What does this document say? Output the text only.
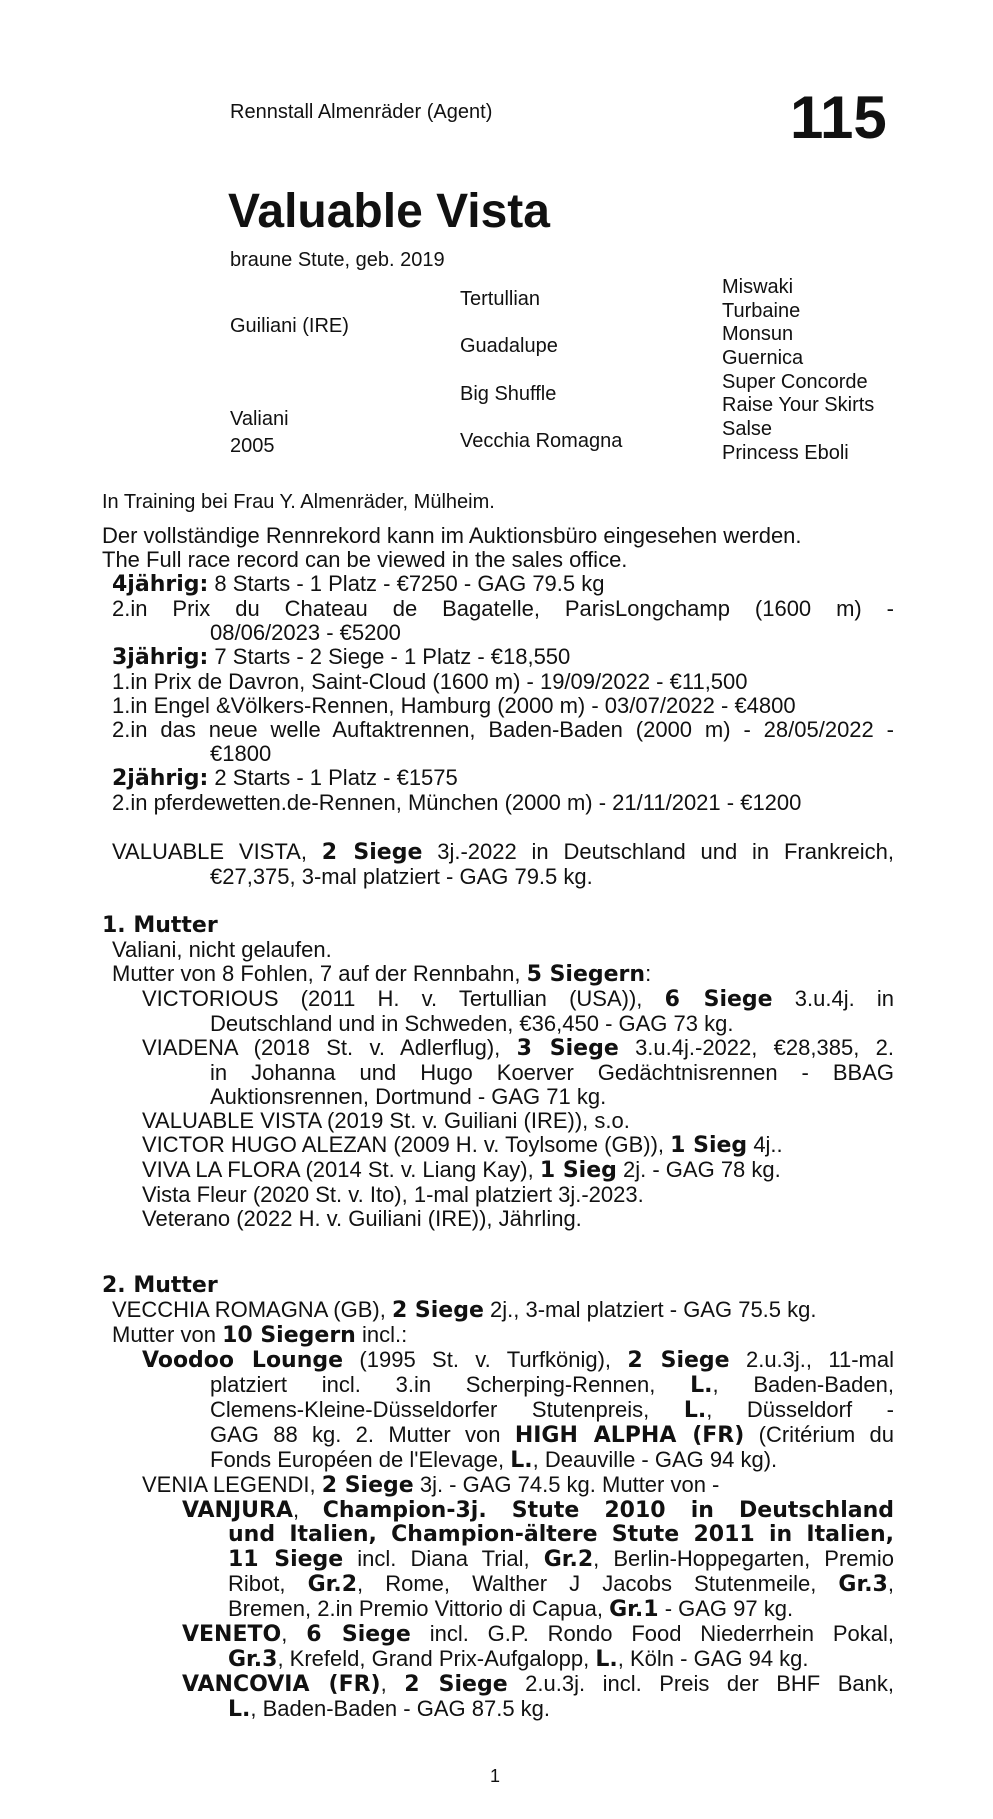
Rennstall Almenräder (Agent)	115
Valuable Vista
braune Stute, geb. 2019
Guiliani (IRE)
Valiani
2005
Tertullian
Guadalupe
Big Shuffle
Vecchia Romagna
Miswaki
Turbaine
Monsun
Guernica
Super Concorde
Raise Your Skirts
Salse
Princess Eboli
In Training bei Frau Y. Almenräder, Mülheim.
Der vollständige Rennrekord kann im Auktionsbüro eingesehen werden.
The Full race record can be viewed in the sales office.
4jährig: 8 Starts - 1 Platz - €7250 - GAG 79.5 kg
2.in Prix du Chateau de Bagatelle, ParisLongchamp (1600 m) -
08/06/2023 - €5200
3jährig: 7 Starts - 2 Siege - 1 Platz - €18,550
1.in Prix de Davron, Saint-Cloud (1600 m) - 19/09/2022 - €11,500
1.in Engel &Völkers-Rennen, Hamburg (2000 m) - 03/07/2022 - €4800
2.in das neue welle Auftaktrennen, Baden-Baden (2000 m) - 28/05/2022 -
€1800
2jährig: 2 Starts - 1 Platz - €1575
2.in pferdewetten.de-Rennen, München (2000 m) - 21/11/2021 - €1200
VALUABLE VISTA, 2 Siege 3j.-2022 in Deutschland und in Frankreich,
€27,375, 3-mal platziert - GAG 79.5 kg.
1. Mutter
Valiani, nicht gelaufen.
Mutter von 8 Fohlen, 7 auf der Rennbahn, 5 Siegern:
VICTORIOUS (2011 H. v. Tertullian (USA)), 6 Siege 3.u.4j. in
Deutschland und in Schweden, €36,450 - GAG 73 kg.
VIADENA (2018 St. v. Adlerflug), 3 Siege 3.u.4j.-2022, €28,385, 2.
in Johanna und Hugo Koerver Gedächtnisrennen - BBAG
Auktionsrennen, Dortmund - GAG 71 kg.
VALUABLE VISTA (2019 St. v. Guiliani (IRE)), s.o.
VICTOR HUGO ALEZAN (2009 H. v. Toylsome (GB)), 1 Sieg 4j..
VIVA LA FLORA (2014 St. v. Liang Kay), 1 Sieg 2j. - GAG 78 kg.
Vista Fleur (2020 St. v. Ito), 1-mal platziert 3j.-2023.
Veterano (2022 H. v. Guiliani (IRE)), Jährling.
2. Mutter
VECCHIA ROMAGNA (GB), 2 Siege 2j., 3-mal platziert - GAG 75.5 kg.
Mutter von 10 Siegern incl.:
Voodoo Lounge (1995 St. v. Turfkönig), 2 Siege 2.u.3j., 11-mal
platziert incl. 3.in Scherping-Rennen, L., Baden-Baden,
Clemens-Kleine-Düsseldorfer Stutenpreis, L., Düsseldorf -
GAG 88 kg. 2. Mutter von HIGH ALPHA (FR) (Critérium du
Fonds Européen de l'Elevage, L., Deauville - GAG 94 kg).
VENIA LEGENDI, 2 Siege 3j. - GAG 74.5 kg. Mutter von -
VANJURA, Champion-3j. Stute 2010 in Deutschland
und Italien, Champion-ältere Stute 2011 in Italien,
11 Siege incl. Diana Trial, Gr.2, Berlin-Hoppegarten, Premio
Ribot, Gr.2, Rome, Walther J Jacobs Stutenmeile, Gr.3,
Bremen, 2.in Premio Vittorio di Capua, Gr.1 - GAG 97 kg.
VENETO, 6 Siege incl. G.P. Rondo Food Niederrhein Pokal,
Gr.3, Krefeld, Grand Prix-Aufgalopp, L., Köln - GAG 94 kg.
VANCOVIA (FR), 2 Siege 2.u.3j. incl. Preis der BHF Bank,
L., Baden-Baden - GAG 87.5 kg.
1
